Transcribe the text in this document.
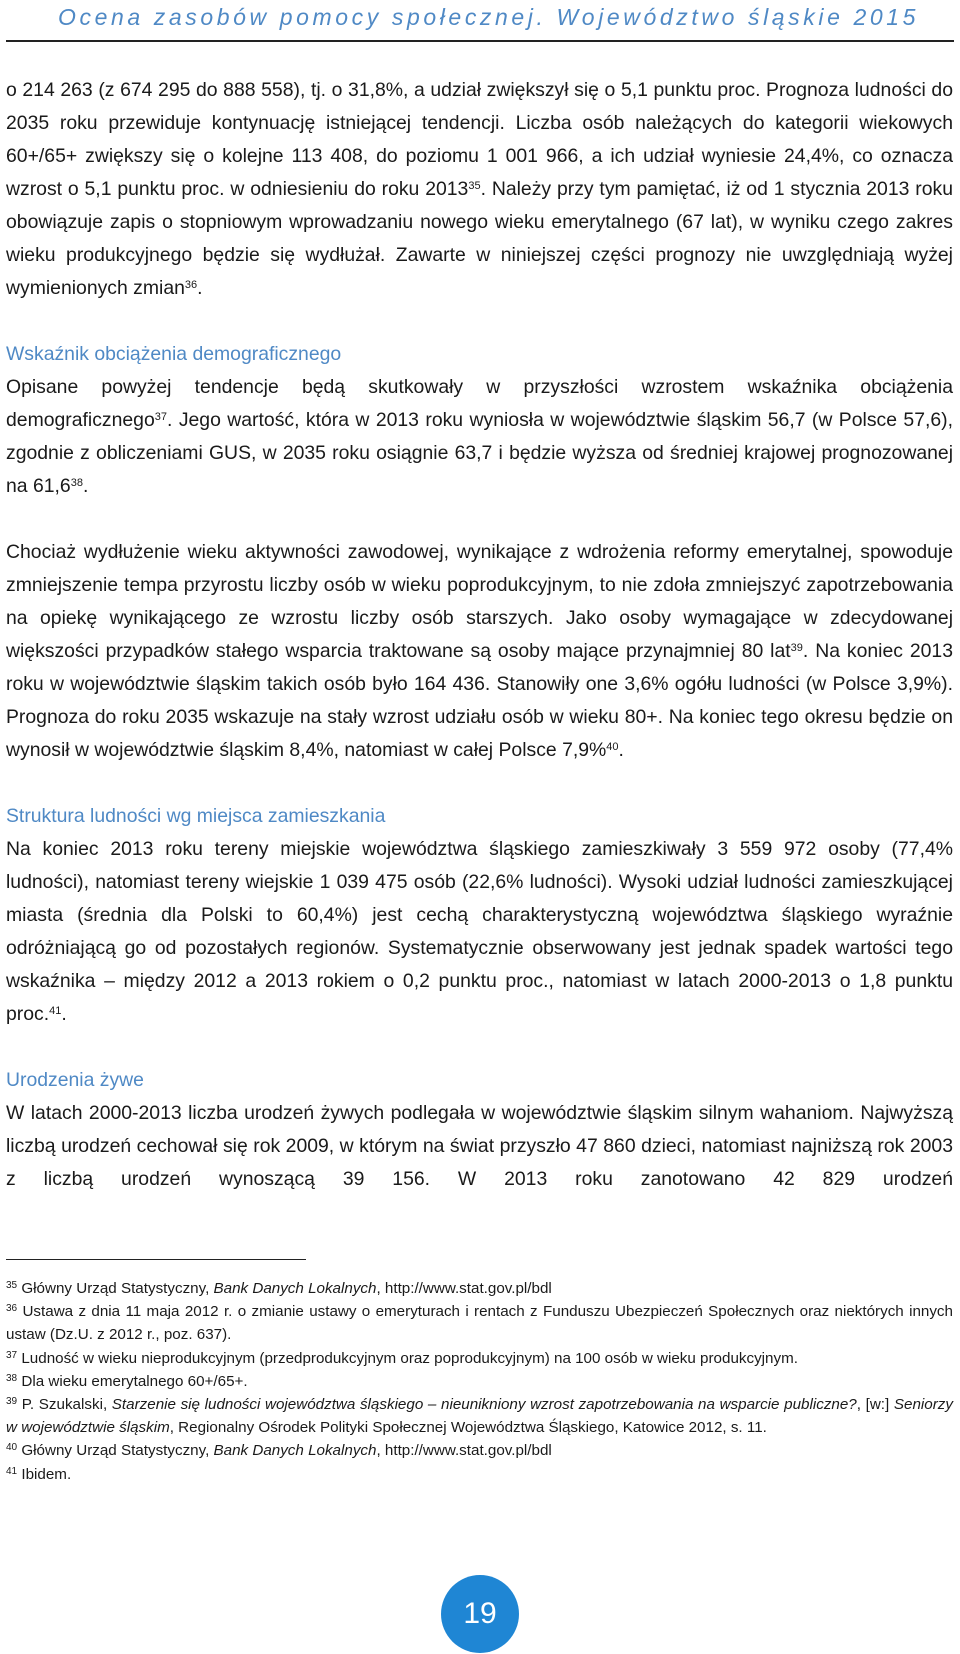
Ocena zasobów pomocy społecznej. Województwo śląskie 2015

o 214 263 (z 674 295 do 888 558), tj. o 31,8%, a udział zwiększył się o 5,1 punktu proc. Prognoza ludności do 2035 roku przewiduje kontynuację istniejącej tendencji. Liczba osób należących do kategorii wiekowych 60+/65+ zwiększy się o kolejne 113 408, do poziomu 1 001 966, a ich udział wyniesie 24,4%, co oznacza wzrost o 5,1 punktu proc. w odniesieniu do roku 2013$^{35}$. Należy przy tym pamiętać, iż od 1 stycznia 2013 roku obowiązuje zapis o stopniowym wprowadzaniu nowego wieku emerytalnego (67 lat), w wyniku czego zakres wieku produkcyjnego będzie się wydłużał. Zawarte w niniejszej części prognozy nie uwzględniają wyżej wymienionych zmian$^{36}$.

Wskaźnik obciążenia demograficznego

Opisane powyżej tendencje będą skutkowały w przyszłości wzrostem wskaźnika obciążenia demograficznego$^{37}$. Jego wartość, która w 2013 roku wyniosła w województwie śląskim 56,7 (w Polsce 57,6), zgodnie z obliczeniami GUS, w 2035 roku osiągnie 63,7 i będzie wyższa od średniej krajowej prognozowanej na 61,6$^{38}$.

Chociaż wydłużenie wieku aktywności zawodowej, wynikające z wdrożenia reformy emerytalnej, spowoduje zmniejszenie tempa przyrostu liczby osób w wieku poprodukcyjnym, to nie zdoła zmniejszyć zapotrzebowania na opiekę wynikającego ze wzrostu liczby osób starszych. Jako osoby wymagające w zdecydowanej większości przypadków stałego wsparcia traktowane są osoby mające przynajmniej 80 lat$^{39}$. Na koniec 2013 roku w województwie śląskim takich osób było 164 436. Stanowiły one 3,6% ogółu ludności (w Polsce 3,9%). Prognoza do roku 2035 wskazuje na stały wzrost udziału osób w wieku 80+. Na koniec tego okresu będzie on wynosił w województwie śląskim 8,4%, natomiast w całej Polsce 7,9%$^{40}$.

Struktura ludności wg miejsca zamieszkania

Na koniec 2013 roku tereny miejskie województwa śląskiego zamieszkiwały 3 559 972 osoby (77,4% ludności), natomiast tereny wiejskie 1 039 475 osób (22,6% ludności). Wysoki udział ludności zamieszkującej miasta (średnia dla Polski to 60,4%) jest cechą charakterystyczną województwa śląskiego wyraźnie odróżniającą go od pozostałych regionów. Systematycznie obserwowany jest jednak spadek wartości tego wskaźnika – między 2012 a 2013 rokiem o 0,2 punktu proc., natomiast w latach 2000-2013 o 1,8 punktu proc.$^{41}$.

Urodzenia żywe

W latach 2000-2013 liczba urodzeń żywych podlegała w województwie śląskim silnym wahaniom. Najwyższą liczbą urodzeń cechował się rok 2009, w którym na świat przyszło 47 860 dzieci, natomiast najniższą rok 2003 z liczbą urodzeń wynoszącą 39 156. W 2013 roku zanotowano 42 829 urodzeń

$^{35}$ Główny Urząd Statystyczny, Bank Danych Lokalnych, http://www.stat.gov.pl/bdl
$^{36}$ Ustawa z dnia 11 maja 2012 r. o zmianie ustawy o emeryturach i rentach z Funduszu Ubezpieczeń Społecznych oraz niektórych innych ustaw (Dz.U. z 2012 r., poz. 637).
$^{37}$ Ludność w wieku nieprodukcyjnym (przedprodukcyjnym oraz poprodukcyjnym) na 100 osób w wieku produkcyjnym.
$^{38}$ Dla wieku emerytalnego 60+/65+.
$^{39}$ P. Szukalski, Starzenie się ludności województwa śląskiego – nieunikniony wzrost zapotrzebowania na wsparcie publiczne?, [w:] Seniorzy w województwie śląskim, Regionalny Ośrodek Polityki Społecznej Województwa Śląskiego, Katowice 2012, s. 11.
$^{40}$ Główny Urząd Statystyczny, Bank Danych Lokalnych, http://www.stat.gov.pl/bdl
$^{41}$ Ibidem.
19
